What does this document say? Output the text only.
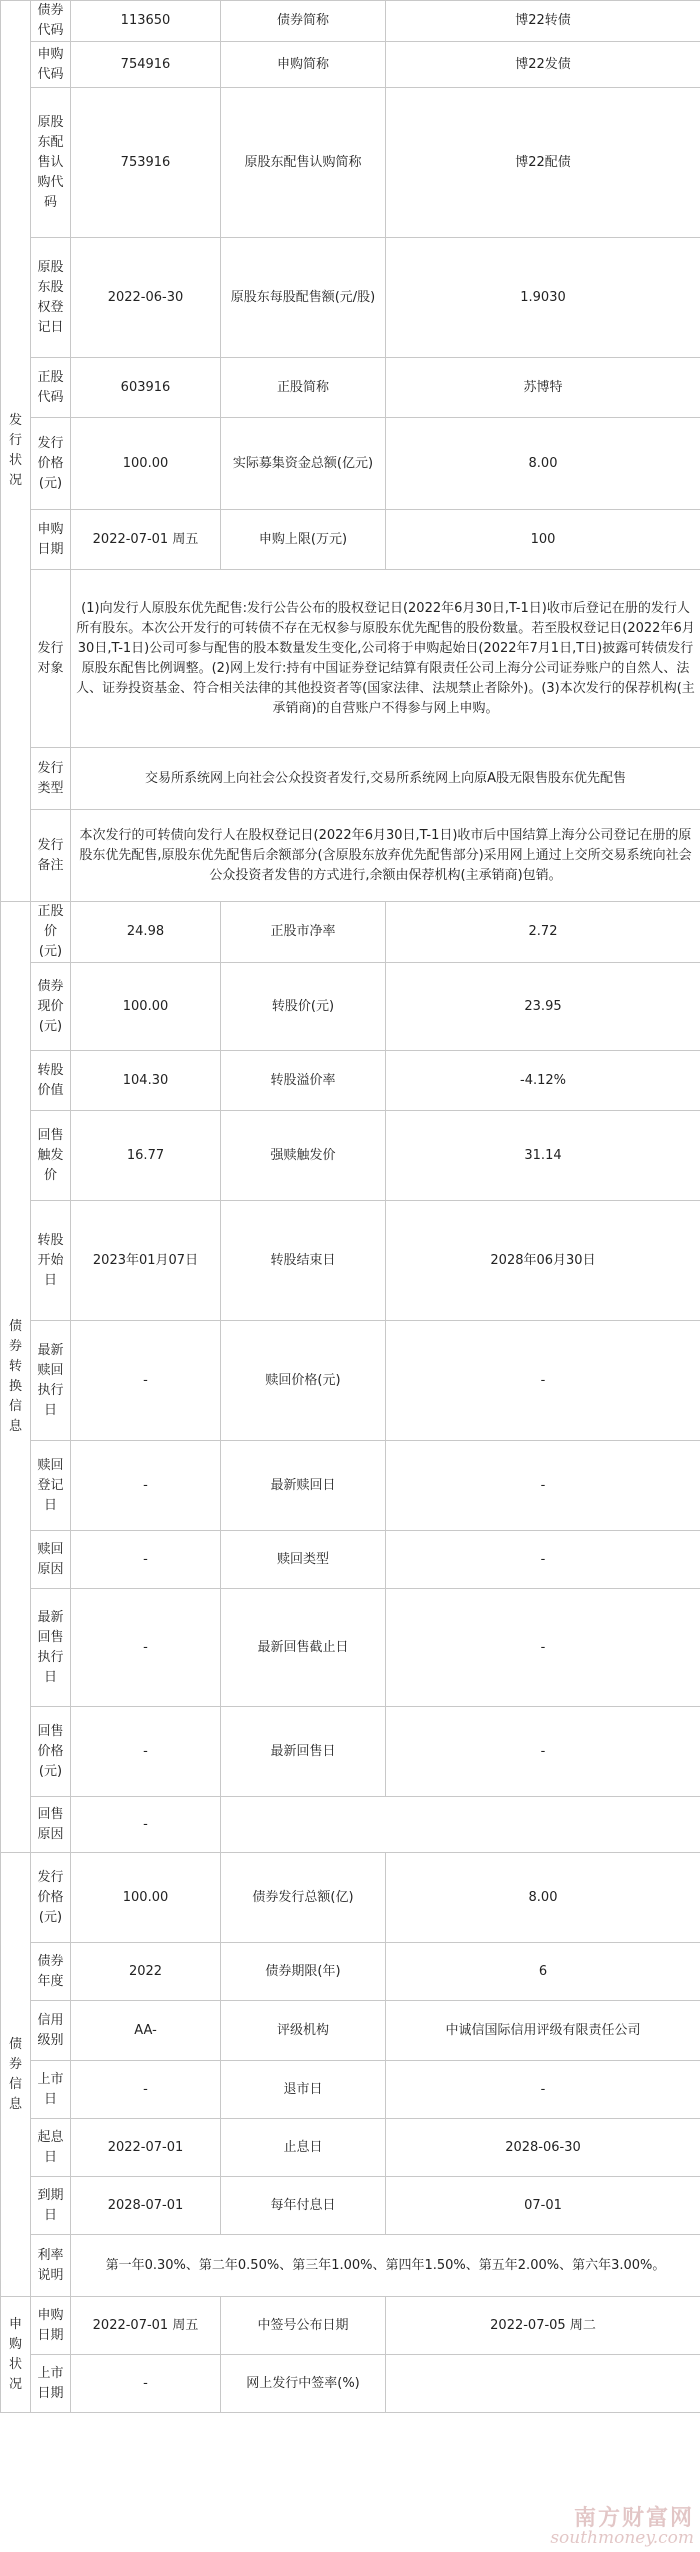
发行状况	债券代码	113650	债券简称	博22转债
	申购代码	754916	申购简称	博22发债
	原股东配售认购代码	753916	原股东配售认购简称	博22配债
	原股东股权登记日	2022-06-30	原股东每股配售额(元/股)	1.9030
	正股代码	603916	正股简称	苏博特
	发行价格(元)	100.00	实际募集资金总额(亿元)	8.00
	申购日期	2022-07-01 周五	申购上限(万元)	100
	发行对象	(1)向发行人原股东优先配售:发行公告公布的股权登记日(2022年6月30日,T-1日)收市后登记在册的发行人所有股东。本次公开发行的可转债不存在无权参与原股东优先配售的股份数量。若至股权登记日(2022年6月30日,T-1日)公司可参与配售的股本数量发生变化,公司将于申购起始日(2022年7月1日,T日)披露可转债发行原股东配售比例调整。(2)网上发行:持有中国证券登记结算有限责任公司上海分公司证券账户的自然人、法人、证券投资基金、符合相关法律的其他投资者等(国家法律、法规禁止者除外)。(3)本次发行的保荐机构(主承销商)的自营账户不得参与网上申购。		
	发行类型	交易所系统网上向社会公众投资者发行,交易所系统网上向原A股无限售股东优先配售		
	发行备注	本次发行的可转债向发行人在股权登记日(2022年6月30日,T-1日)收市后中国结算上海分公司登记在册的原股东优先配售,原股东优先配售后余额部分(含原股东放弃优先配售部分)采用网上通过上交所交易系统向社会公众投资者发售的方式进行,余额由保荐机构(主承销商)包销。		
债券转换信息	正股价(元)	24.98	正股市净率	2.72
	债券现价(元)	100.00	转股价(元)	23.95
	转股价值	104.30	转股溢价率	-4.12%
	回售触发价	16.77	强赎触发价	31.14
	转股开始日	2023年01月07日	转股结束日	2028年06月30日
	最新赎回执行日	-	赎回价格(元)	-
	赎回登记日	-	最新赎回日	-
	赎回原因	-	赎回类型	-
	最新回售执行日	-	最新回售截止日	-
	回售价格(元)	-	最新回售日	-
	回售原因	-		
债券信息	发行价格(元)	100.00	债券发行总额(亿)	8.00
	债券年度	2022	债券期限(年)	6
	信用级别	AA-	评级机构	中诚信国际信用评级有限责任公司
	上市日	-	退市日	-
	起息日	2022-07-01	止息日	2028-06-30
	到期日	2028-07-01	每年付息日	07-01
	利率说明	第一年0.30%、第二年0.50%、第三年1.00%、第四年1.50%、第五年2.00%、第六年3.00%。		
申购状况	申购日期	2022-07-01 周五	中签号公布日期	2022-07-05 周二
	上市日期	-	网上发行中签率(%)	
南方财富网
southmoney.com
